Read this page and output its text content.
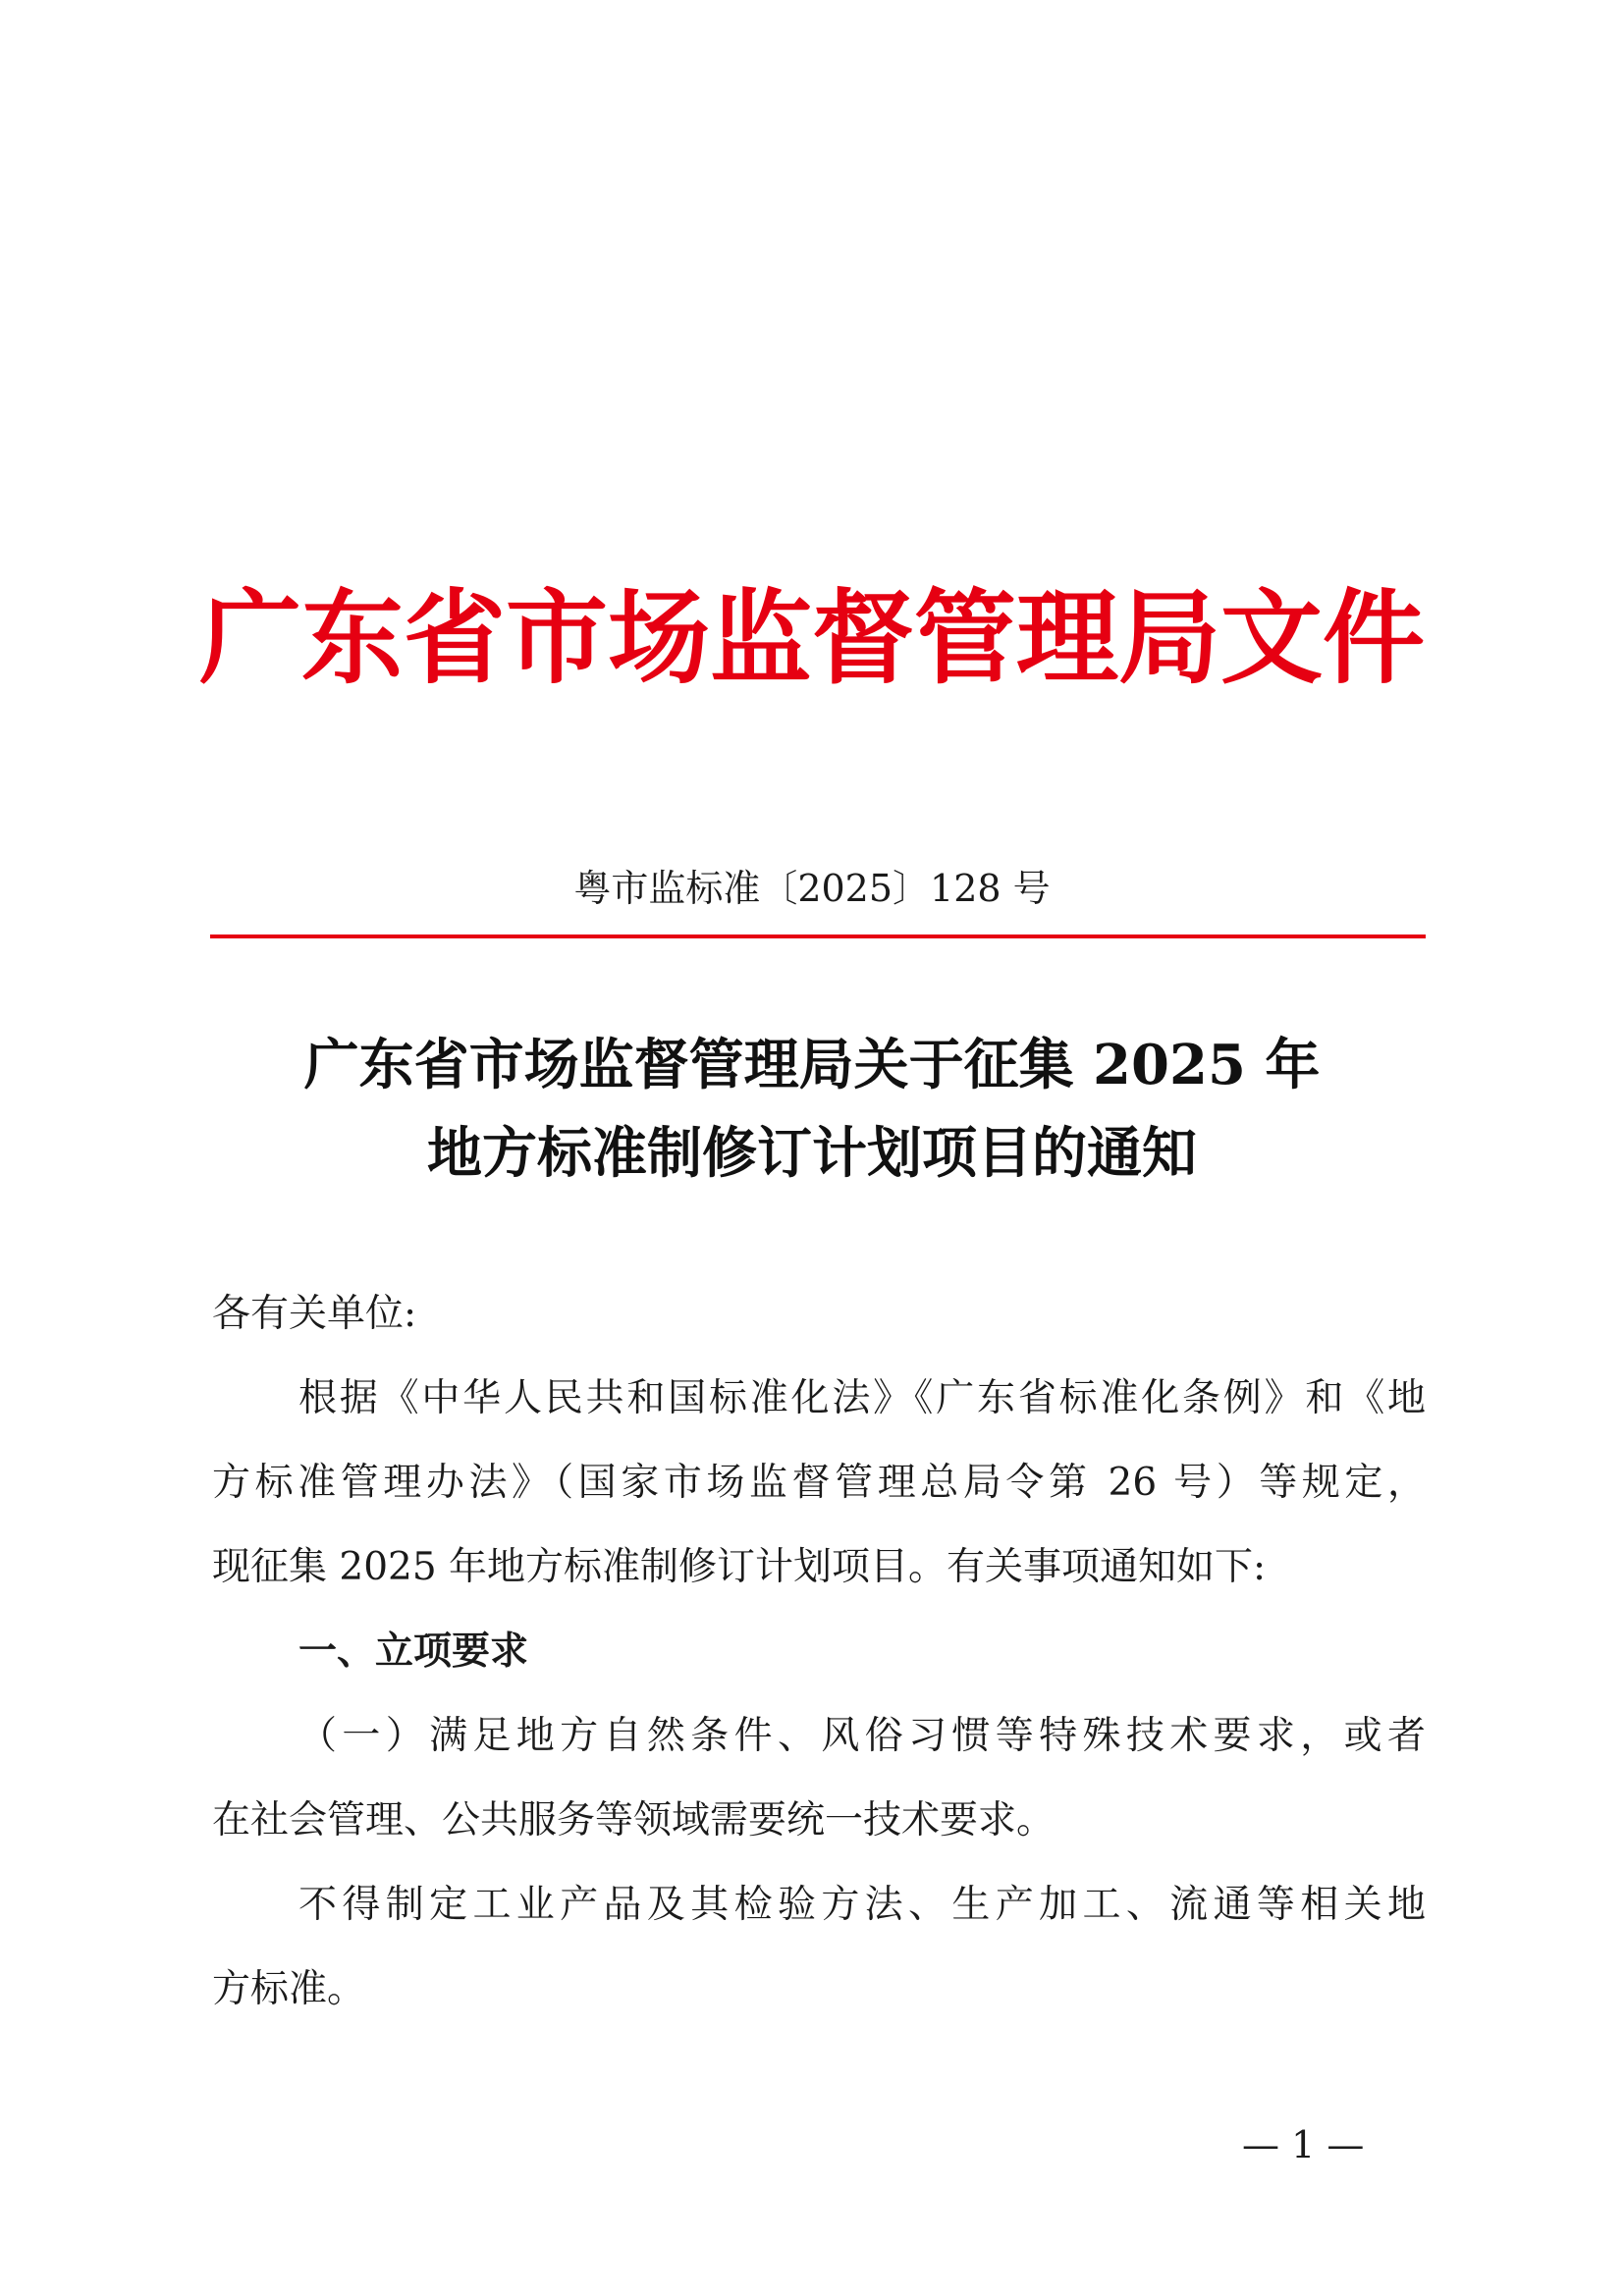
广东省市场监督管理局文件
粤市监标准〔2025〕128 号
广东省市场监督管理局关于征集 2025 年
地方标准制修订计划项目的通知
各有关单位:
根据《中华人民共和国标准化法》《广东省标准化条例》和《地
方标准管理办法》（国家市场监督管理总局令第 26 号）等规定，
现征集 2025 年地方标准制修订计划项目。有关事项通知如下:
一、立项要求
（一）满足地方自然条件、风俗习惯等特殊技术要求，或者
在社会管理、公共服务等领域需要统一技术要求。
不得制定工业产品及其检验方法、生产加工、流通等相关地
方标准。
— 1 —
